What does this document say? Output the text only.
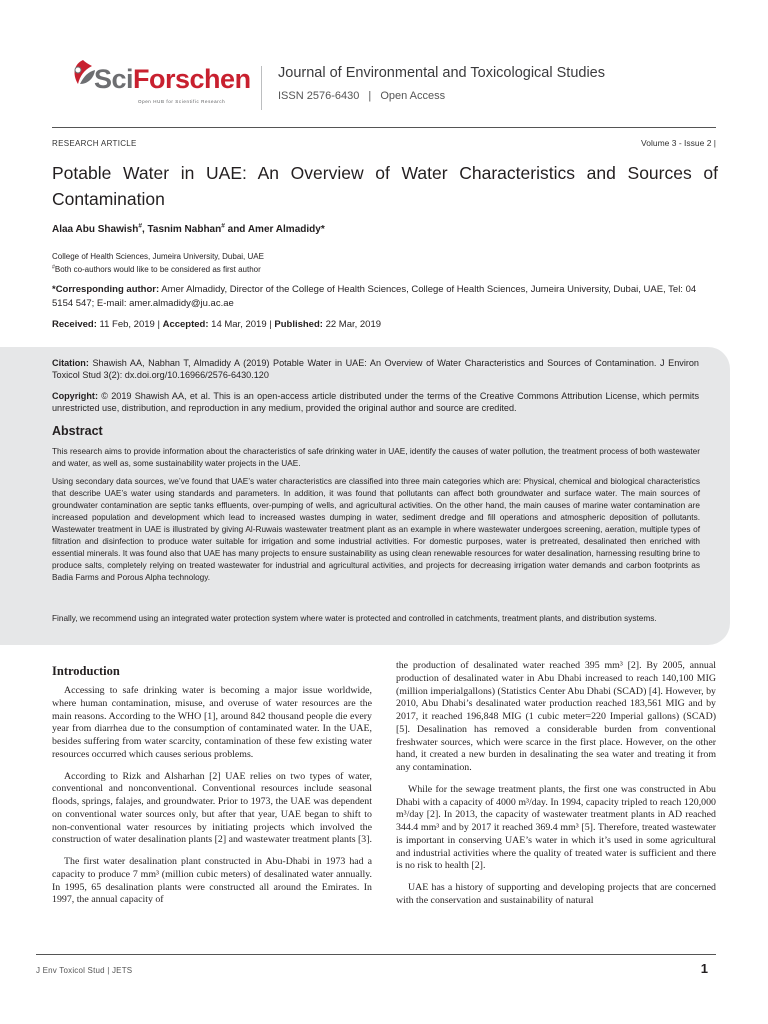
SciForschen
Open HUB for Scientific Research
Journal of Environmental and Toxicological Studies
ISSN 2576-6430 | Open Access
RESEARCH ARTICLE	Volume 3 - Issue 2 |
Potable Water in UAE: An Overview of Water Characteristics and Sources of Contamination
Alaa Abu Shawish#, Tasnim Nabhan# and Amer Almadidy*
College of Health Sciences, Jumeira University, Dubai, UAE
#Both co-authors would like to be considered as first author
*Corresponding author: Amer Almadidy, Director of the College of Health Sciences, College of Health Sciences, Jumeira University, Dubai, UAE, Tel: 04 5154 547; E-mail: amer.almadidy@ju.ac.ae
Received: 11 Feb, 2019 | Accepted: 14 Mar, 2019 | Published: 22 Mar, 2019
Citation: Shawish AA, Nabhan T, Almadidy A (2019) Potable Water in UAE: An Overview of Water Characteristics and Sources of Contamination. J Environ Toxicol Stud 3(2): dx.doi.org/10.16966/2576-6430.120
Copyright: © 2019 Shawish AA, et al. This is an open-access article distributed under the terms of the Creative Commons Attribution License, which permits unrestricted use, distribution, and reproduction in any medium, provided the original author and source are credited.
Abstract

This research aims to provide information about the characteristics of safe drinking water in UAE, identify the causes of water pollution, the treatment process of both wastewater and water, as well as, some sustainability water projects in the UAE.

Using secondary data sources, we’ve found that UAE’s water characteristics are classified into three main categories which are: Physical, chemical and biological characteristics that describe UAE’s water using standards and parameters. In addition, it was found that pollutants can affect both groundwater and surface water. The main sources of groundwater contamination are septic tanks effluents, over-pumping of wells, and agricultural activities. On the other hand, the main causes of marine water contamination are increased population and development which lead to increased wastes dumping in water, sediment dredge and fill operations and atmospheric deposition of pollutants. Wastewater treatment in UAE is illustrated by giving Al-Ruwais wastewater treatment plant as an example in where wastewater undergoes screening, aeration, multiple types of filtration and disinfection to produce water suitable for irrigation and some industrial activities. For domestic purposes, water is pretreated, desalinated then enriched with essential minerals. It was found also that UAE has many projects to ensure sustainability as using clean renewable resources for water desalination, harnessing resulting brine to produce salts, completely relying on treated wastewater for industrial and agricultural activities, and projects for decreasing irrigation water demands and carbon footprints as Badia Farms and Porous Alpha technology.

Finally, we recommend using an integrated water protection system where water is protected and controlled in catchments, treatment plants, and distribution systems.

Introduction

Accessing to safe drinking water is becoming a major issue worldwide, where human contamination, misuse, and overuse of water resources are the main reasons. According to the WHO [1], around 842 thousand people die every year from diarrhea due to the consumption of contaminated water. In the UAE, besides suffering from water scarcity, contamination of these few existing water resources occurred which causes serious problems.

According to Rizk and Alsharhan [2] UAE relies on two types of water, conventional and nonconventional. Conventional resources include seasonal floods, springs, falajes, and groundwater. Prior to 1973, the UAE was dependent on conventional water sources only, but after that year, UAE began to shift to non-conventional water resources by initiating projects which involved the construction of water desalination plants [2] and wastewater treatment plants [3].

The first water desalination plant constructed in Abu-Dhabi in 1973 had a capacity to produce 7 mm³ (million cubic meters) of desalinated water annually. In 1995, 65 desalination plants were constructed all around the Emirates. In 1997, the annual capacity of

the production of desalinated water reached 395 mm³ [2]. By 2005, annual production of desalinated water in Abu Dhabi increased to reach 140,100 MIG (million imperialgallons) (Statistics Center Abu Dhabi (SCAD) [4]. However, by 2010, Abu Dhabi’s desalinated water production reached 183,561 MIG and by 2017, it reached 196,848 MIG (1 cubic meter=220 Imperial gallons) (SCAD) [5]. Desalination has removed a considerable burden from conventional freshwater sources, which were scarce in the first place. However, on the other hand, it created a new burden in desalinating the sea water and treating it from any contamination.

While for the sewage treatment plants, the first one was constructed in Abu Dhabi with a capacity of 4000 m³/day. In 1994, capacity tripled to reach 120,000 m³/day [2]. In 2013, the capacity of wastewater treatment plants in AD reached 344.4 mm³ and by 2017 it reached 369.4 mm³ [5]. Therefore, treated wastewater is important in conserving UAE’s water in which it’s used in some agricultural and industrial activities where the quality of treated water is sufficient and there is no risk to health [2].

UAE has a history of supporting and developing projects that are concerned with the conservation and sustainability of natural

J Env Toxicol Stud | JETS	1
